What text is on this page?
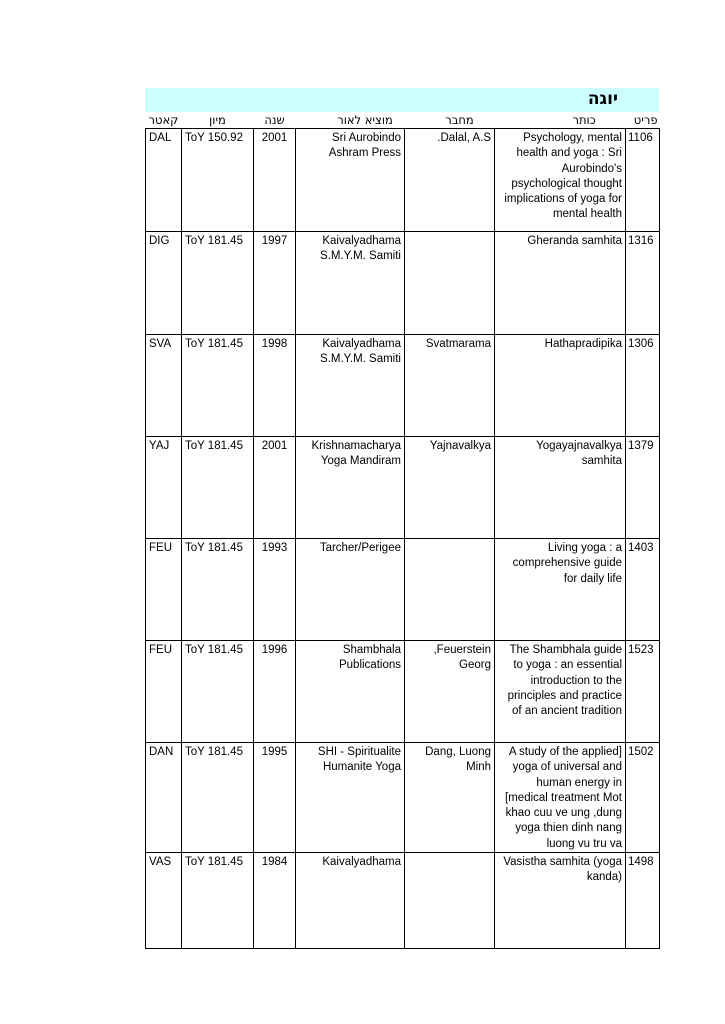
יוגה
קאטר	מיון	שנה	מוציא לאור	מחבר	כותר	פריט
DAL	ToY 150.92	2001	Sri Aurobindo Ashram Press	.Dalal, A.S	Psychology, mental health and yoga : Sri Aurobindo's psychological thought implications of yoga for mental health	1106
DIG	ToY 181.45	1997	Kaivalyadhama S.M.Y.M. Samiti		Gheranda samhita	1316
SVA	ToY 181.45	1998	Kaivalyadhama S.M.Y.M. Samiti	Svatmarama	Hathapradipika	1306
YAJ	ToY 181.45	2001	Krishnamacharya Yoga Mandiram	Yajnavalkya	Yogayajnavalkya samhita	1379
FEU	ToY 181.45	1993	Tarcher/Perigee		Living yoga : a comprehensive guide for daily life	1403
FEU	ToY 181.45	1996	Shambhala Publications	,Feuerstein Georg	The Shambhala guide to yoga : an essential introduction to the principles and practice of an ancient tradition	1523
DAN	ToY 181.45	1995	SHI - Spiritualite Humanite Yoga	Dang, Luong Minh	A study of the applied] yoga of universal and human energy in [medical treatment Mot khao cuu ve ung ,dung yoga thien dinh nang luong vu tru va	1502
VAS	ToY 181.45	1984	Kaivalyadhama		Vasistha samhita (yoga kanda)	1498
